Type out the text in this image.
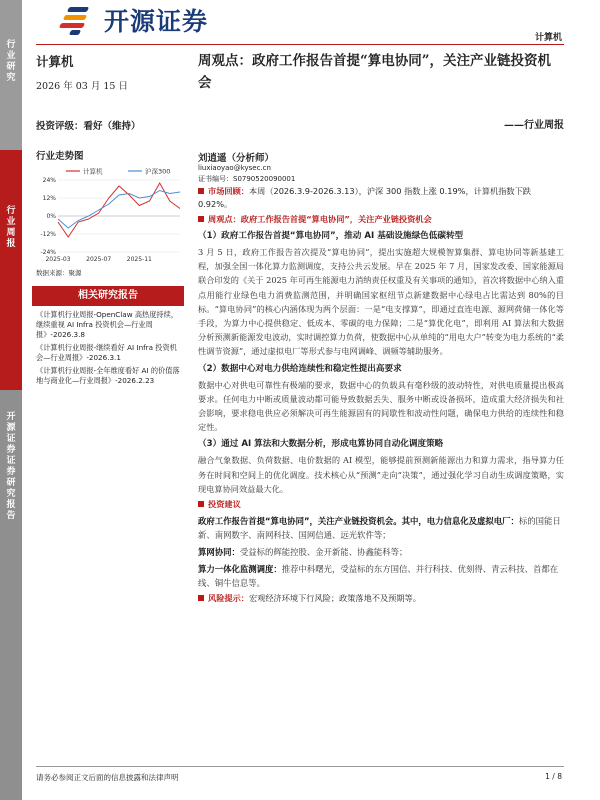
行业研究
行业周报
开源证券 证券研究报告
开源证券
计算机
计算机
2026 年 03 月 15 日
投资评级：看好（维持）
行业走势图
24%
12%
0%
-12%
-24%
2025-03	2025-07	2025-11
计算机	沪深300
数据来源：聚源
相关研究报告
《计算机行业周报-OpenClaw 高热度持续，继续重视 AI Infra 投资机会—行业周报》-2026.3.8
《计算机行业周报-继续看好 AI Infra 投资机会—行业周报》-2026.3.1
《计算机行业周报-全年维度看好 AI 的价值落地与商业化—行业周报》-2026.2.23
周观点：政府工作报告首提“算电协同”，关注产业链投资机会
——行业周报
刘逍遥（分析师）
liuxiaoyao@kysec.cn
证书编号：S0790520090001
市场回顾：本周（2026.3.9-2026.3.13），沪深 300 指数上涨 0.19%，计算机指数下跌 0.92%。
周观点：政府工作报告首提“算电协同”，关注产业链投资机会
（1）政府工作报告首提“算电协同”，推动 AI 基础设施绿色低碳转型
3 月 5 日，政府工作报告首次提及“算电协同”，提出实施超大规模智算集群、算电协同等新基建工程，加强全国一体化算力监测调度，支持公共云发展。早在 2025 年 7 月，国家发改委、国家能源局联合印发的《关于 2025 年可再生能源电力消纳责任权重及有关事项的通知》，首次将数据中心纳入重点用能行业绿色电力消费监测范围，并明确国家枢纽节点新建数据中心绿电占比需达到 80%的目标。“算电协同”的核心内涵体现为两个层面：一是“电支撑算”，即通过直连电源、源网荷储一体化等手段，为算力中心提供稳定、低成本、零碳的电力保障；二是“算优化电”，即利用 AI 算法和大数据分析预测新能源发电波动，实时调控算力负荷，使数据中心从单纯的“用电大户”转变为电力系统的“柔性调节资源”，通过虚拟电厂等形式参与电网调峰、调频等辅助服务。
（2）数据中心对电力供给连续性和稳定性提出高要求
数据中心对供电可靠性有极端的要求，数据中心的负载具有毫秒级的波动特性，对供电质量提出极高要求。任何电力中断或质量波动都可能导致数据丢失、服务中断或设备损坏，造成重大经济损失和社会影响，要求稳电供应必须解决可再生能源固有的间歇性和波动性问题，确保电力供给的连续性和稳定性。
（3）通过 AI 算法和大数据分析，形成电算协同自动化调度策略
融合气象数据、负荷数据、电价数据的 AI 模型，能够提前预测新能源出力和算力需求，指导算力任务在时间和空间上的优化调度。技术核心从“预测”走向“决策”，通过强化学习自动生成调度策略，实现电算协同效益最大化。
投资建议
政府工作报告首提“算电协同”，关注产业链投资机会。其中，电力信息化及虚拟电厂：标的国能日新、南网数字、南网科技、国网信通、远光软件等；
算网协同：受益标的辉能控股、金开新能、协鑫能科等；
算力一体化监测调度：推荐中科曙光，受益标的东方国信、并行科技、优刻得、青云科技、首都在线、铜牛信息等。
风险提示：宏观经济环境下行风险；政策落地不及预期等。
请务必参阅正文后面的信息披露和法律声明	1 / 8
